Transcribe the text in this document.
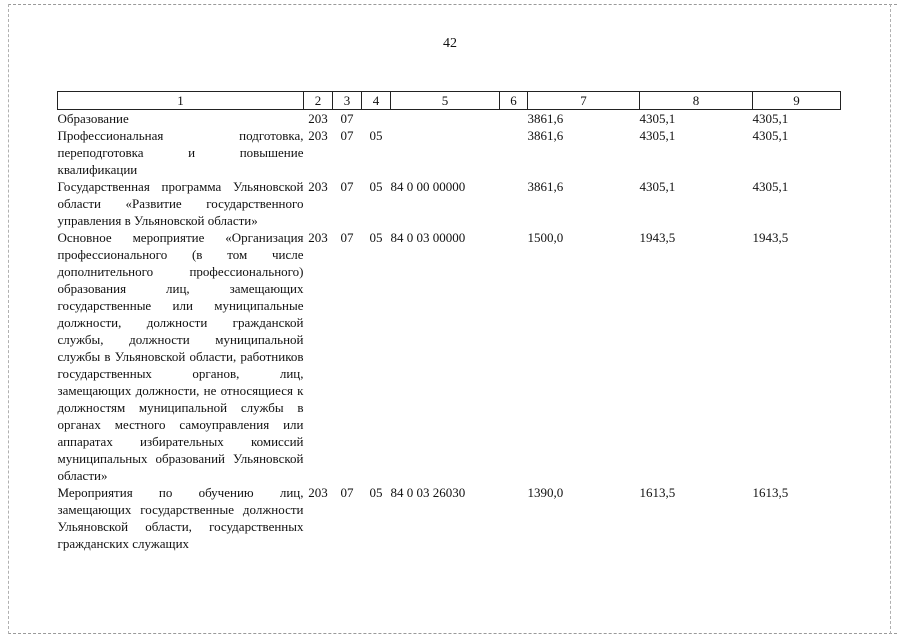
42
1	2	3	4	5	6	7	8	9
Образование	203	07				3861,6	4305,1	4305,1
Профессиональная подготовка, переподготовка и повышение квалификации	203	07	05			3861,6	4305,1	4305,1
Государственная программа Ульяновской области «Развитие государственного управления в Ульяновской области»	203	07	05	84 0 00 00000		3861,6	4305,1	4305,1
Основное мероприятие «Организация профессионального (в том числе дополнительного профессионального) образования лиц, замещающих государственные или муниципальные должности, должности гражданской службы, должности муниципальной службы в Ульяновской области, работников государственных органов, лиц, замещающих должности, не относящиеся к должностям муниципальной службы в органах местного самоуправления или аппаратах избирательных комиссий муниципальных образований Ульяновской области»	203	07	05	84 0 03 00000		1500,0	1943,5	1943,5
Мероприятия по обучению лиц, замещающих государственные должности Ульяновской области, государственных гражданских служащих	203	07	05	84 0 03 26030		1390,0	1613,5	1613,5
